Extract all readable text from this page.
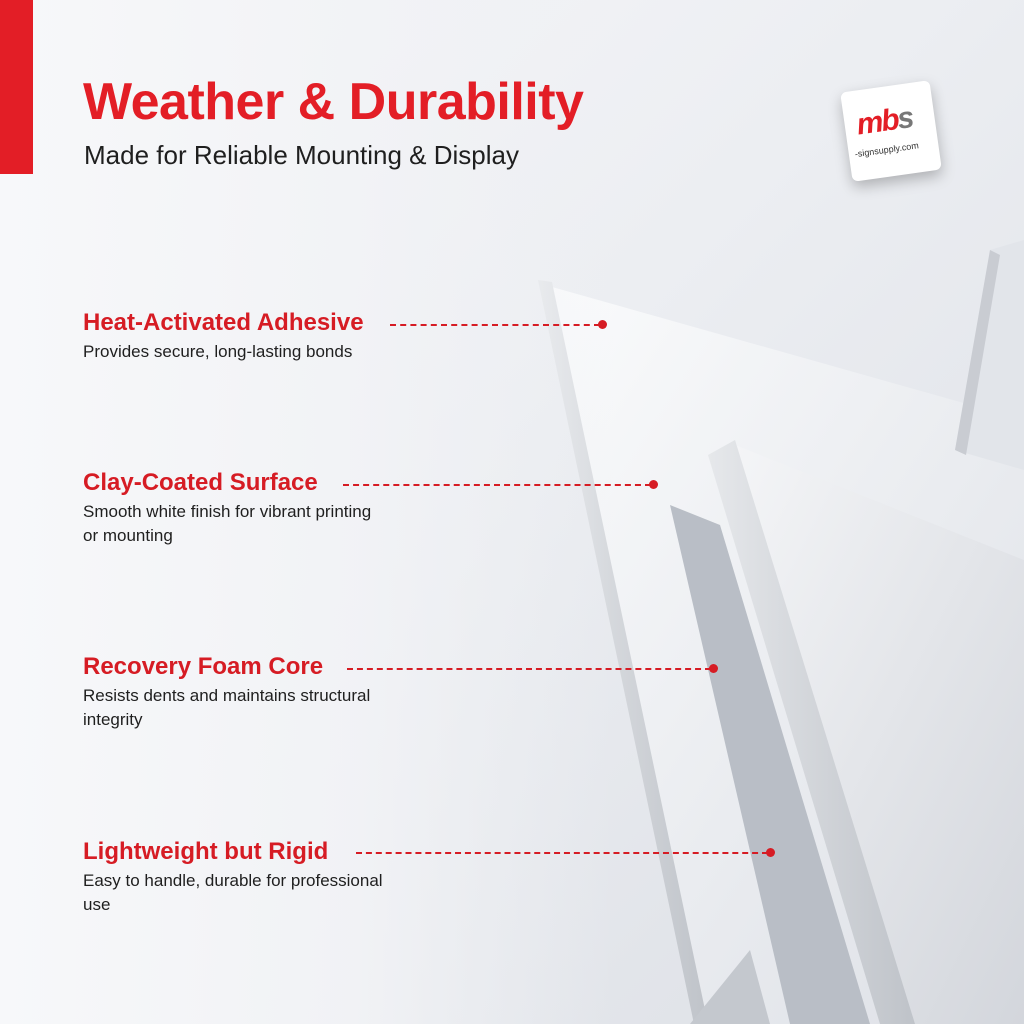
Weather & Durability

Made for Reliable Mounting & Display

mbs
-signsupply.com
Heat-Activated Adhesive

Provides secure, long-lasting bonds

Clay-Coated Surface

Smooth white finish for vibrant printing or mounting

Recovery Foam Core

Resists dents and maintains structural integrity

Lightweight but Rigid

Easy to handle, durable for professional use
